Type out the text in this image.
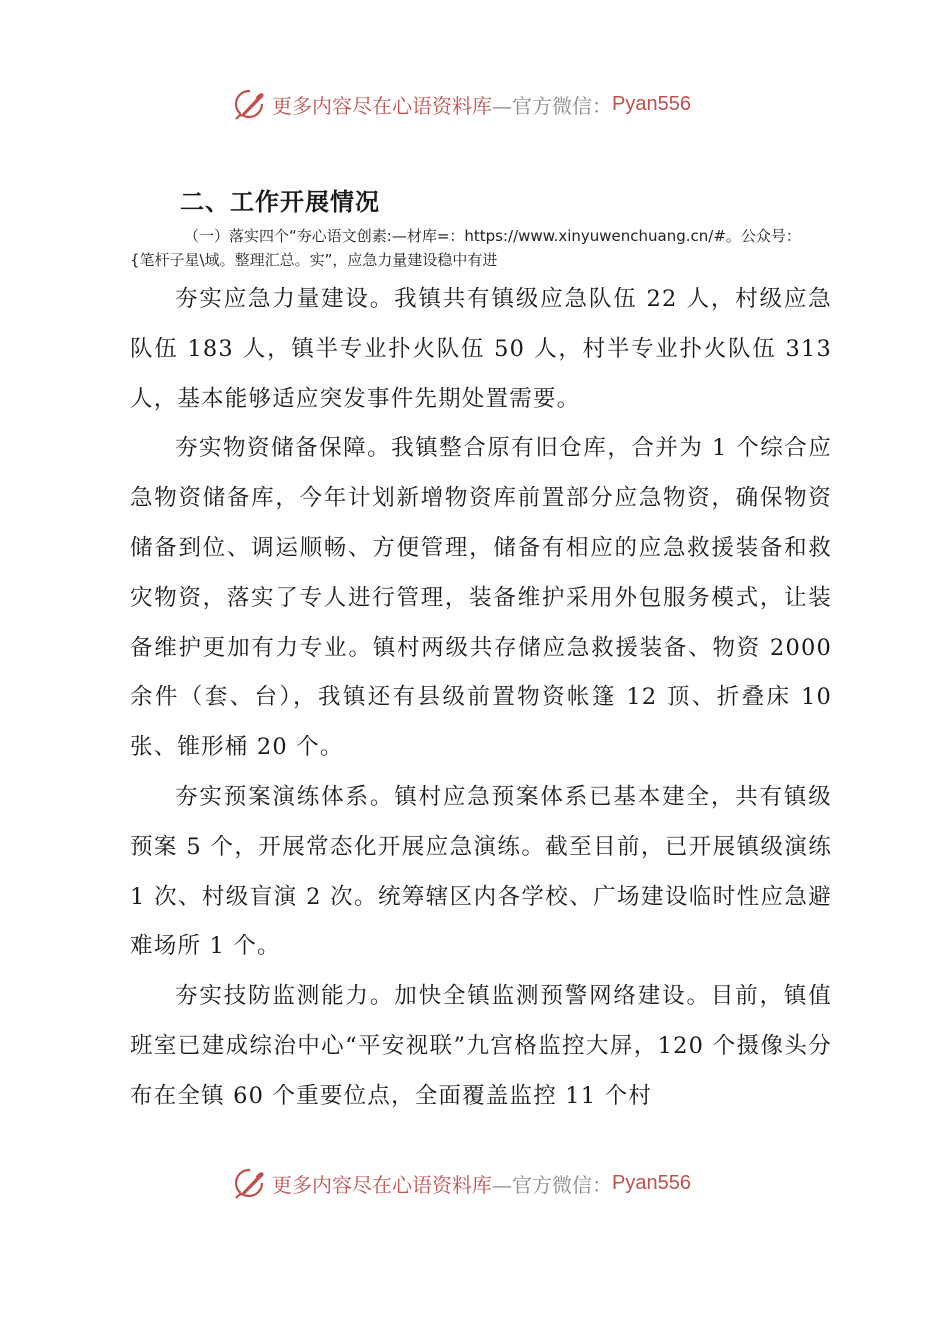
更多内容尽在心语资料库 —官方微信： Pyan556
二、工作开展情况
（一）落实四个“夯心语文创素:—材库=：https://www.xinyuwenchuang.cn/#。公众号：
{笔杆子星\域。整理汇总。实”，应急力量建设稳中有进

夯实应急力量建设。我镇共有镇级应急队伍 22 人，村级应急队伍 183 人，镇半专业扑火队伍 50 人，村半专业扑火队伍 313 人，基本能够适应突发事件先期处置需要。

夯实物资储备保障。我镇整合原有旧仓库，合并为 1 个综合应急物资储备库，今年计划新增物资库前置部分应急物资，确保物资储备到位、调运顺畅、方便管理，储备有相应的应急救援装备和救灾物资，落实了专人进行管理，装备维护采用外包服务模式，让装备维护更加有力专业。镇村两级共存储应急救援装备、物资 2000 余件（套、台），我镇还有县级前置物资帐篷 12 顶、折叠床 10 张、锥形桶 20 个。

夯实预案演练体系。镇村应急预案体系已基本建全，共有镇级预案 5 个，开展常态化开展应急演练。截至目前，已开展镇级演练 1 次、村级盲演 2 次。统筹辖区内各学校、广场建设临时性应急避难场所 1 个。

夯实技防监测能力。加快全镇监测预警网络建设。目前，镇值班室已建成综治中心“平安视联”九宫格监控大屏，120 个摄像头分布在全镇 60 个重要位点，全面覆盖监控 11 个村

更多内容尽在心语资料库 —官方微信： Pyan556
